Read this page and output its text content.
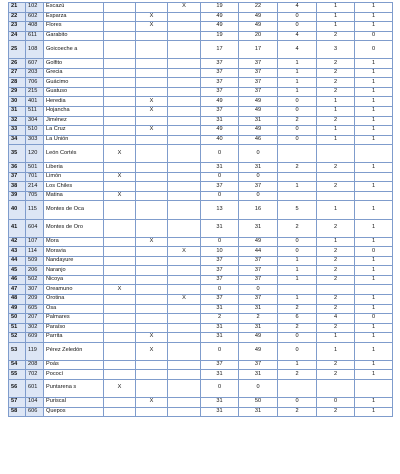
21	102	Escazú			X	19	22	4	1	1
22	602	Esparza		X		49	49	0	1	1
23	408	Flores		X		49	49	0	1	1
24	611	Garabito				19	20	4	2	0
25	108	Goicoeche a				17	17	4	3	0
26	607	Golfito				37	37	1	2	1
27	203	Grecia				37	37	1	2	1
28	706	Guácimo				37	37	1	2	1
29	215	Guatuso				37	37	1	2	1
30	401	Heredia		X		49	49	0	1	1
31	511	Hojancha		X		37	49	0	1	1
32	304	Jiménez				31	31	2	2	1
33	510	La Cruz		X		49	49	0	1	1
34	303	La Unión				40	46	0	1	1
35	120	León Cortés	X			0	0			
36	501	Liberia				31	31	2	2	1
37	701	Limón	X			0	0			
38	214	Los Chiles				37	37	1	2	1
39	705	Matina	X			0	0			
40	115	Montes de Oca				13	16	5	1	1
41	604	Montes de Oro				31	31	2	2	1
42	107	Mora		X		0	49	0	1	1
43	114	Moravia			X	10	44	0	2	0
44	509	Nandayure				37	37	1	2	1
45	206	Naranjo				37	37	1	2	1
46	502	Nicoya				37	37	1	2	1
47	307	Oreamuno	X			0	0			
48	209	Orotina			X	37	37	1	2	1
49	605	Osa				31	31	2	2	1
50	207	Palmares				2	2	6	4	0
51	302	Paraíso				31	31	2	2	1
52	609	Parrita		X		31	49	0	1	1
53	119	Pérez Zeledón		X		0	49	0	1	1
54	208	Poás				37	37	1	2	1
55	702	Pococí				31	31	2	2	1
56	601	Puntarena s	X			0	0			
57	104	Puriscal		X		31	50	0	0	1
58	606	Quepos				31	31	2	2	1
